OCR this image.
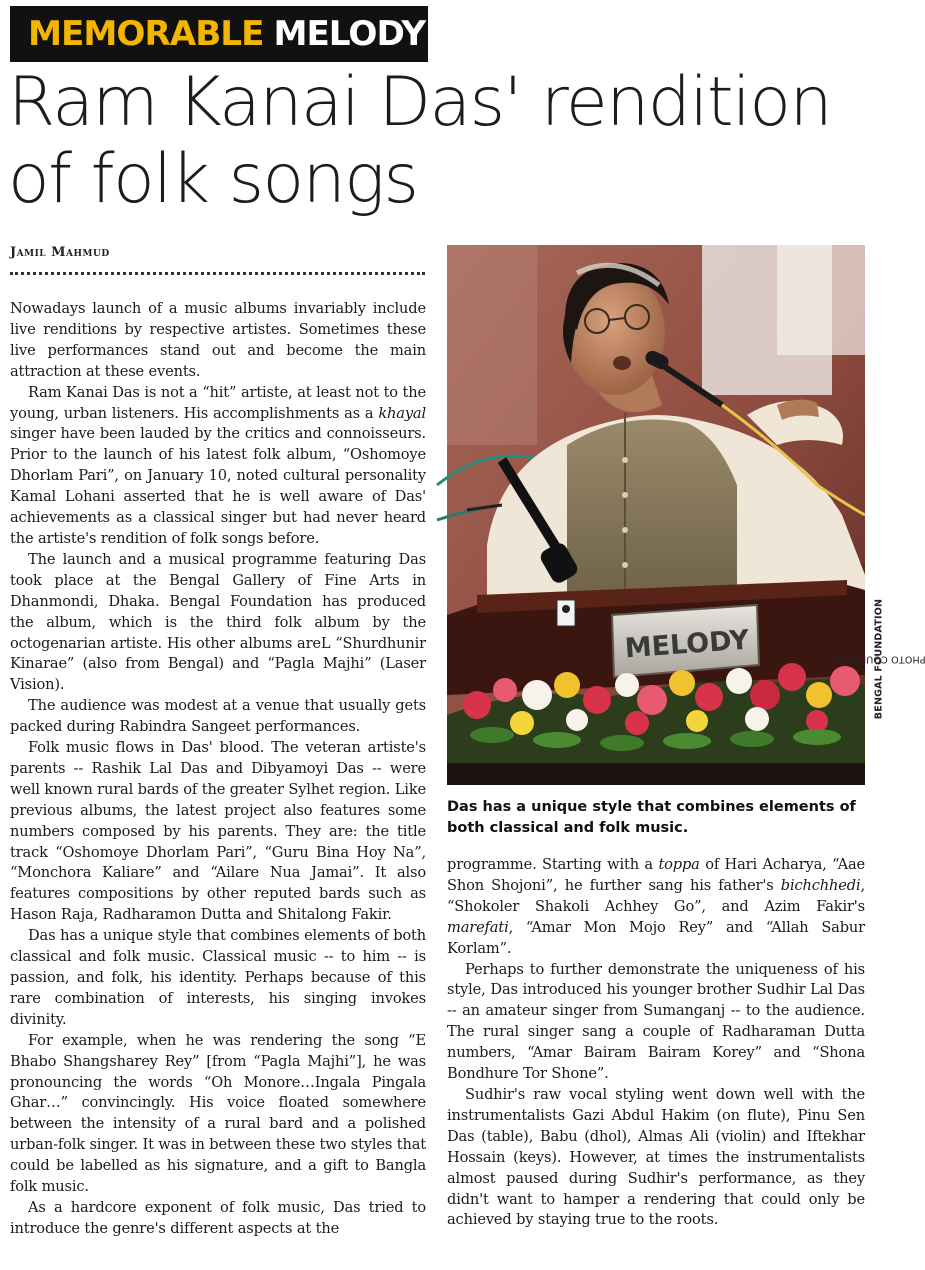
MEMORABLE MELODY
Ram Kanai Das' rendition of folk songs
Jamil Mahmud

Nowadays launch of a music albums invariably include live renditions by respective artistes. Sometimes these live performances stand out and become the main attraction at these events.

Ram Kanai Das is not a “hit” artiste, at least not to the young, urban listeners. His accomplishments as a khayal singer have been lauded by the critics and connoisseurs. Prior to the launch of his latest folk album, “Oshomoye Dhorlam Pari”, on January 10, noted cultural personality Kamal Lohani asserted that he is well aware of Das' achievements as a classical singer but had never heard the artiste's rendition of folk songs before.

The launch and a musical programme featuring Das took place at the Bengal Gallery of Fine Arts in Dhanmondi, Dhaka. Bengal Foundation has produced the album, which is the third folk album by the octogenarian artiste. His other albums areL “Shurdhunir Kinarae” (also from Bengal) and “Pagla Majhi” (Laser Vision).

The audience was modest at a venue that usually gets packed during Rabindra Sangeet performances.

Folk music flows in Das' blood. The veteran artiste's parents -- Rashik Lal Das and Dibyamoyi Das -- were well known rural bards of the greater Sylhet region. Like previous albums, the latest project also features some numbers composed by his parents. They are: the title track “Oshomoye Dhorlam Pari”, “Guru Bina Hoy Na”, “Monchora Kaliare” and “Ailare Nua Jamai”. It also features compositions by other reputed bards such as Hason Raja, Radharamon Dutta and Shitalong Fakir.

Das has a unique style that combines elements of both classical and folk music. Classical music -- to him -- is passion, and folk, his identity. Perhaps because of this rare combination of interests, his singing invokes divinity.

For example, when he was rendering the song “E Bhabo Shangsharey Rey” [from “Pagla Majhi”], he was pronouncing the words “Oh Monore…Ingala Pingala Ghar…” convincingly. His voice floated somewhere between the intensity of a rural bard and a polished urban-folk singer. It was in between these two styles that could be labelled as his signature, and a gift to Bangla folk music.

As a hardcore exponent of folk music, Das tried to introduce the genre's different aspects at the

MELODY	PHOTO COURTESY:
BENGAL FOUNDATION

Das has a unique style that combines elements of both classical and folk music.

programme. Starting with a toppa of Hari Acharya, “Aae Shon Shojoni”, he further sang his father's bichchhedi, “Shokoler Shakoli Achhey Go”, and Azim Fakir's marefati, “Amar Mon Mojo Rey” and “Allah Sabur Korlam”.

Perhaps to further demonstrate the uniqueness of his style, Das introduced his younger brother Sudhir Lal Das -- an amateur singer from Sumanganj -- to the audience. The rural singer sang a couple of Radharaman Dutta numbers, “Amar Bairam Bairam Korey” and “Shona Bondhure Tor Shone”.

Sudhir's raw vocal styling went down well with the instrumentalists Gazi Abdul Hakim (on flute), Pinu Sen Das (table), Babu (dhol), Almas Ali (violin) and Iftekhar Hossain (keys). However, at times the instrumentalists almost paused during Sudhir's performance, as they didn't want to hamper a rendering that could only be achieved by staying true to the roots.
